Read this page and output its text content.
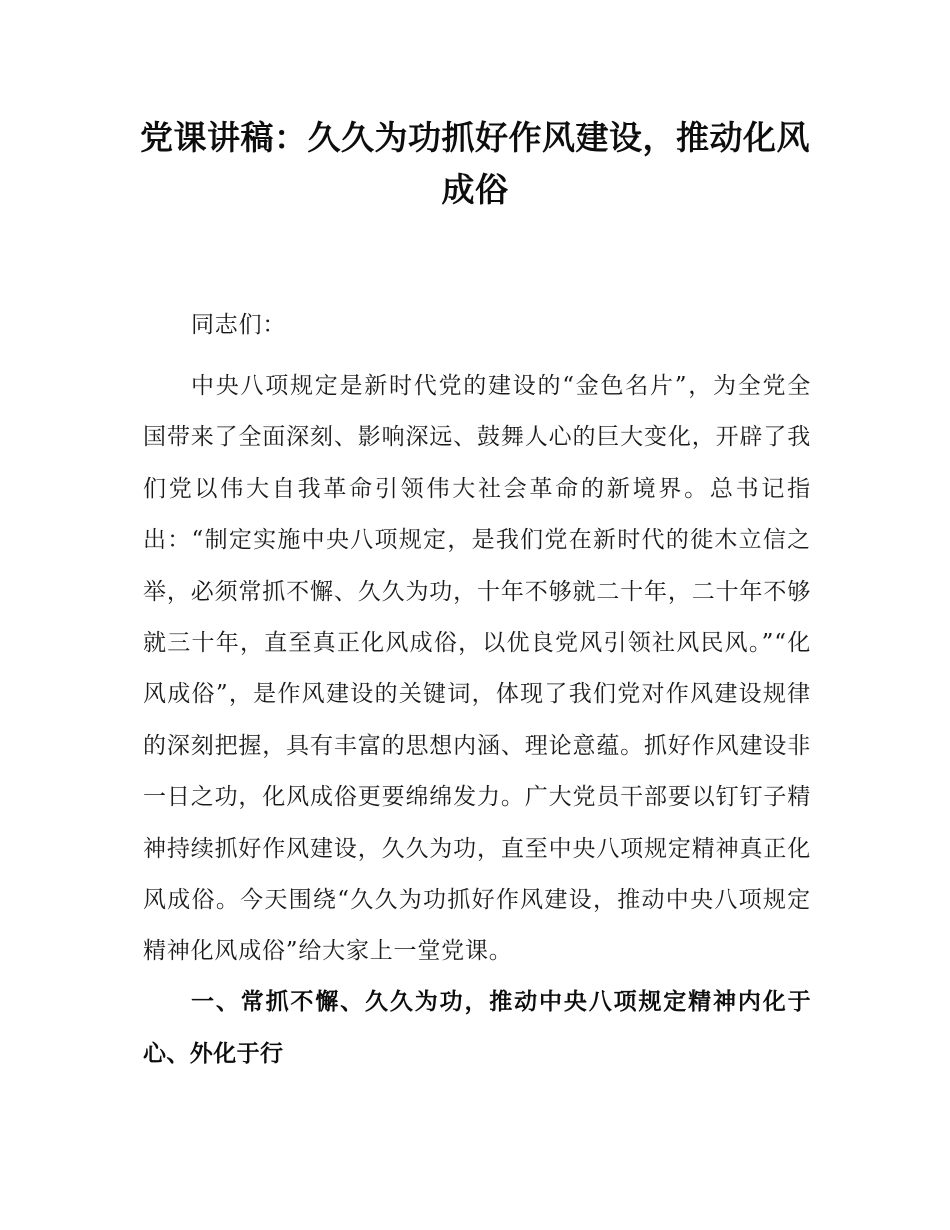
党课讲稿：久久为功抓好作风建设，推动化风成俗

同志们：

中央八项规定是新时代党的建设的“金色名片”，为全党全国带来了全面深刻、影响深远、鼓舞人心的巨大变化，开辟了我们党以伟大自我革命引领伟大社会革命的新境界。总书记指出：“制定实施中央八项规定，是我们党在新时代的徙木立信之举，必须常抓不懈、久久为功，十年不够就二十年，二十年不够就三十年，直至真正化风成俗，以优良党风引领社风民风。”“化风成俗”，是作风建设的关键词，体现了我们党对作风建设规律的深刻把握，具有丰富的思想内涵、理论意蕴。抓好作风建设非一日之功，化风成俗更要绵绵发力。广大党员干部要以钉钉子精神持续抓好作风建设，久久为功，直至中央八项规定精神真正化风成俗。今天围绕“久久为功抓好作风建设，推动中央八项规定精神化风成俗”给大家上一堂党课。

一、常抓不懈、久久为功，推动中央八项规定精神内化于心、外化于行
